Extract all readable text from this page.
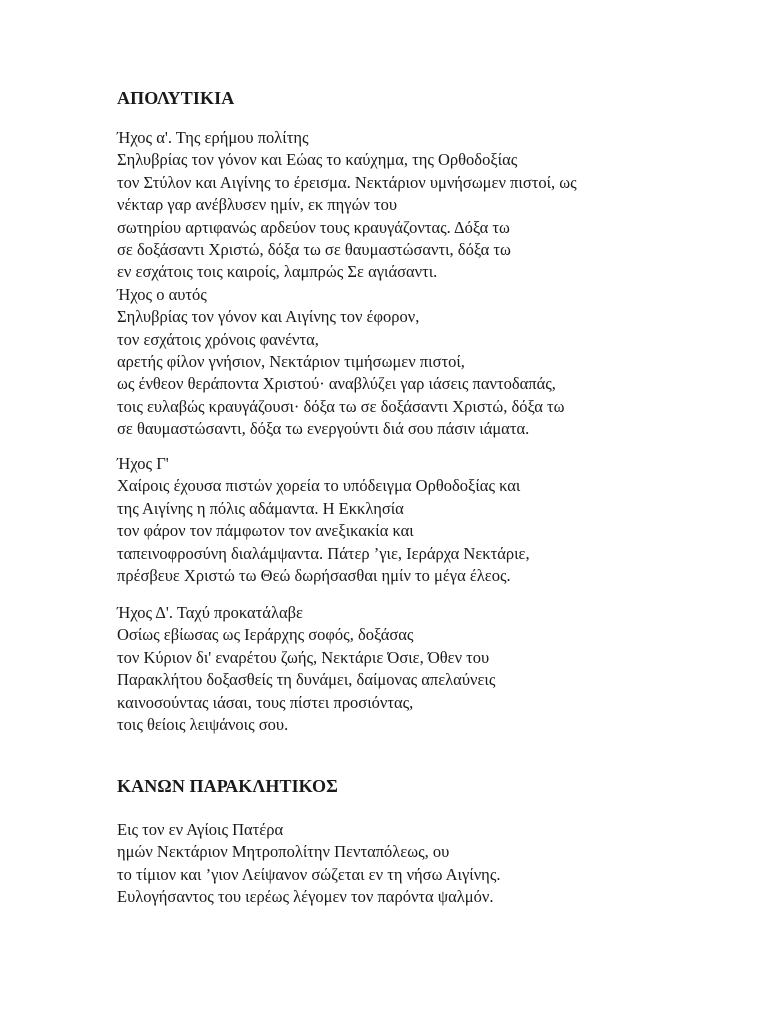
ΑΠΟΛΥΤΙΚΙΑ
Ήχος α'. Της ερήμου πολίτης
Σηλυβρίας τον γόνον και Εώας το καύχημα, της Ορθοδοξίας
τον Στύλον και Αιγίνης το έρεισμα. Νεκτάριον υμνήσωμεν πιστοί, ως
νέκταρ γαρ ανέβλυσεν ημίν, εκ πηγών του
σωτηρίου αρτιφανώς αρδεύον τους κραυγάζοντας. Δόξα τω
σε δοξάσαντι Χριστώ, δόξα τω σε θαυμαστώσαντι, δόξα τω
εν εσχάτοις τοις καιροίς, λαμπρώς Σε αγιάσαντι.
Ήχος ο αυτός
Σηλυβρίας τον γόνον και Αιγίνης τον έφορον,
τον εσχάτοις χρόνοις φανέντα,
αρετής φίλον γνήσιον, Νεκτάριον τιμήσωμεν πιστοί,
ως ένθεον θεράποντα Χριστού· αναβλύζει γαρ ιάσεις παντοδαπάς,
τοις ευλαβώς κραυγάζουσι· δόξα τω σε δοξάσαντι Χριστώ, δόξα τω
σε θαυμαστώσαντι, δόξα τω ενεργούντι διά σου πάσιν ιάματα.
Ήχος Γ'
Χαίροις έχουσα πιστών χορεία το υπόδειγμα Ορθοδοξίας και
της Αιγίνης η πόλις αδάμαντα. Η Εκκλησία
τον φάρον τον πάμφωτον τον ανεξικακία και
ταπεινοφροσύνη διαλάμψαντα. Πάτερ ’γιε, Ιεράρχα Νεκτάριε,
πρέσβευε Χριστώ τω Θεώ δωρήσασθαι ημίν το μέγα έλεος.
Ήχος Δ'. Ταχύ προκατάλαβε
Οσίως εβίωσας ως Ιεράρχης σοφός, δοξάσας
τον Κύριον δι' εναρέτου ζωής, Νεκτάριε Όσιε, Όθεν του
Παρακλήτου δοξασθείς τη δυνάμει, δαίμονας απελαύνεις
καινοσούντας ιάσαι, τους πίστει προσιόντας,
τοις θείοις λειψάνοις σου.
ΚΑΝΩΝ ΠΑΡΑΚΛΗΤΙΚΟΣ
Εις τον εν Αγίοις Πατέρα
ημών Νεκτάριον Μητροπολίτην Πενταπόλεως, ου
το τίμιον και ’γιον Λείψανον σώζεται εν τη νήσω Αιγίνης.
Ευλογήσαντος του ιερέως λέγομεν τον παρόντα ψαλμόν.
